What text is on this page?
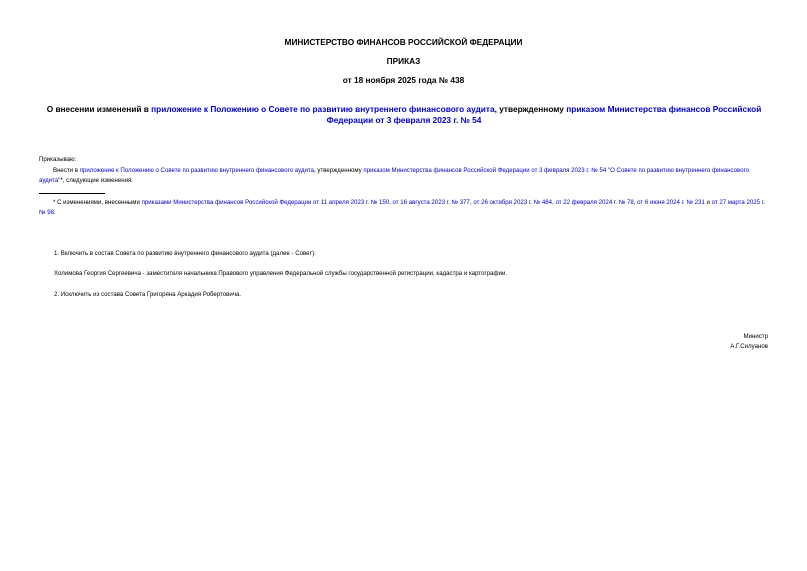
МИНИСТЕРСТВО ФИНАНСОВ РОССИЙСКОЙ ФЕДЕРАЦИИ
ПРИКАЗ
от 18 ноября 2025 года № 438
О внесении изменений в приложение к Положению о Совете по развитию внутреннего финансового аудита, утвержденному приказом Министерства финансов Российской Федерации от 3 февраля 2023 г. № 54
Приказываю:
Внести в приложение к Положению о Совете по развитию внутреннего финансового аудита, утвержденному приказом Министерства финансов Российской Федерации от 3 февраля 2023 г. № 54 "О Совете по развитию внутреннего финансового аудита"*, следующие изменения:
* С изменениями, внесенными приказами Министерства финансов Российской Федерации от 11 апреля 2023 г. № 150, от 16 августа 2023 г. № 377, от 26 октября 2023 г. № 484, от 22 февраля 2024 г. № 78, от 6 июня 2024 г. № 231 и от 27 марта 2025 г. № 98.
1. Включить в состав Совета по развитию внутреннего финансового аудита (далее - Совет):
Холимова Георгия Сергеевича - заместителя начальника Правового управления Федеральной службы государственной регистрации, кадастра и картографии.
2. Исключить из состава Совета Григоряна Аркадия Робертовича.
Министр
А.Г.Силуанов
